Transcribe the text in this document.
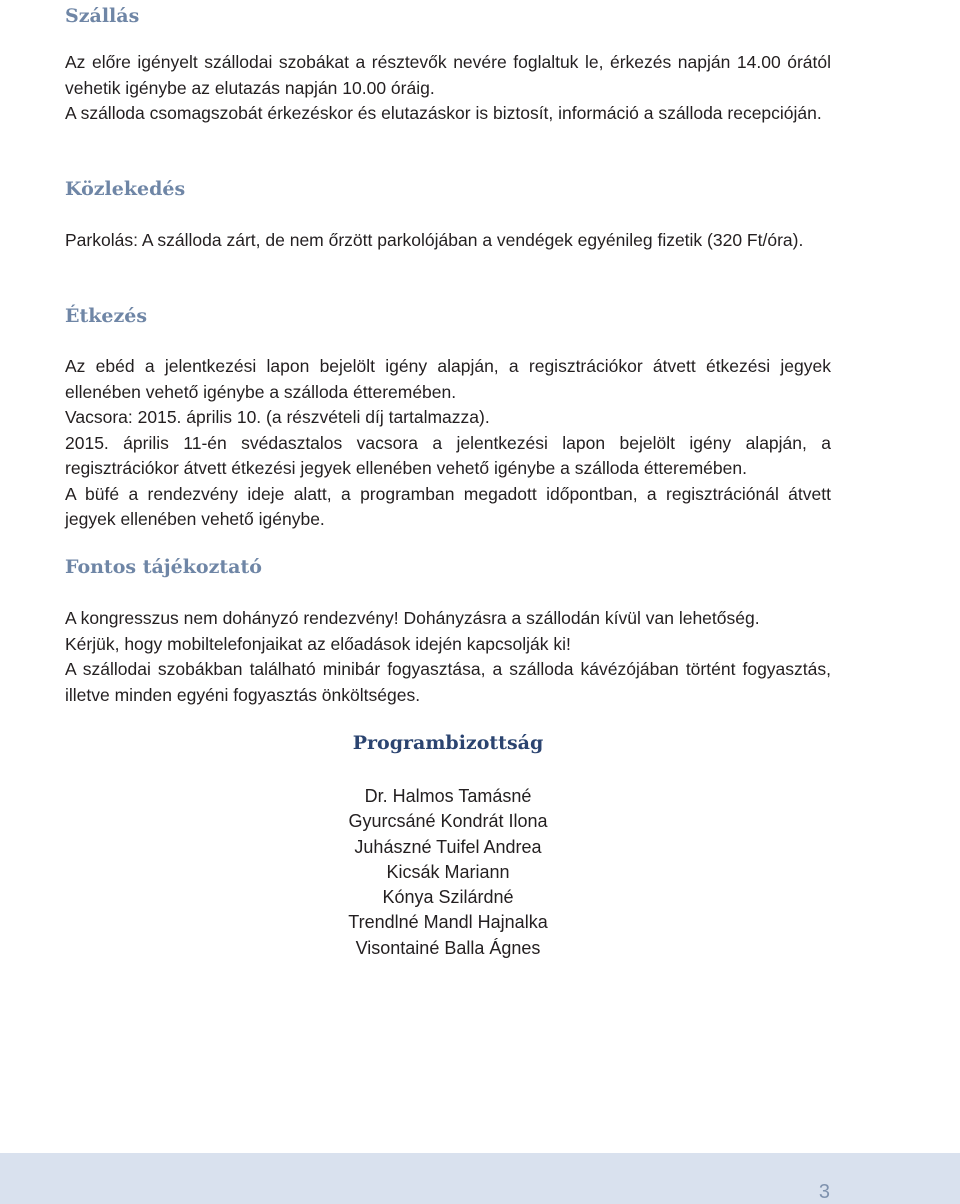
Szállás

Az előre igényelt szállodai szobákat a résztevők nevére foglaltuk le, érkezés napján 14.00 órától vehetik igénybe az elutazás napján 10.00 óráig.

A szálloda csomagszobát érkezéskor és elutazáskor is biztosít, információ a szálloda recepcióján.

Közlekedés

Parkolás: A szálloda zárt, de nem őrzött parkolójában a vendégek egyénileg fizetik (320 Ft/óra).

Étkezés

Az ebéd a jelentkezési lapon bejelölt igény alapján, a regisztrációkor átvett étkezési jegyek ellenében vehető igénybe a szálloda étteremében.

Vacsora: 2015. április 10. (a részvételi díj tartalmazza).

2015. április 11-én svédasztalos vacsora a jelentkezési lapon bejelölt igény alapján, a regisztrációkor átvett étkezési jegyek ellenében vehető igénybe a szálloda étteremében.

A büfé a rendezvény ideje alatt, a programban megadott időpontban, a regisztrációnál átvett jegyek ellenében vehető igénybe.

Fontos tájékoztató

A kongresszus nem dohányzó rendezvény! Dohányzásra a szállodán kívül van lehetőség.

Kérjük, hogy mobiltelefonjaikat az előadások idején kapcsolják ki!

A szállodai szobákban található minibár fogyasztása, a szálloda kávézójában történt fogyasztás, illetve minden egyéni fogyasztás önköltséges.

Programbizottság
Dr. Halmos Tamásné
Gyurcsáné Kondrát Ilona
Juhászné Tuifel Andrea
Kicsák Mariann
Kónya Szilárdné
Trendlné Mandl Hajnalka
Visontainé Balla Ágnes
3
